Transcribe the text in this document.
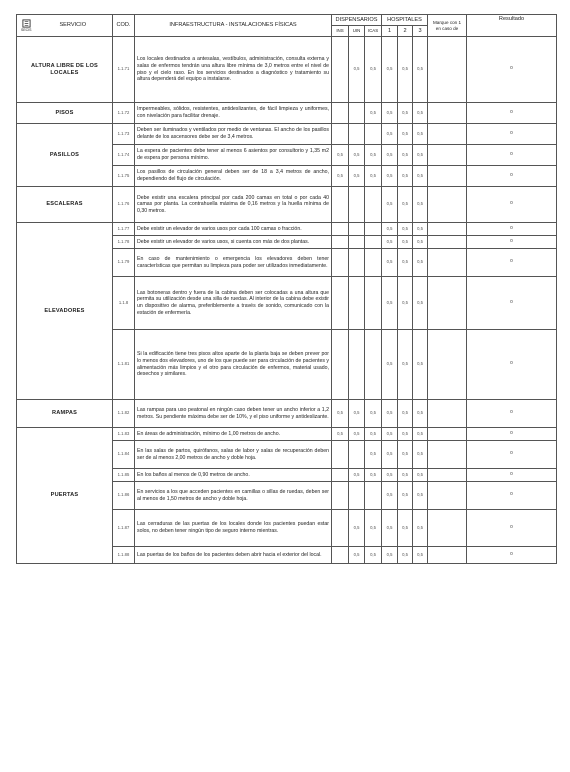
SECIS
SERVICIO	COD.	INFRAESTRUCTURA - INSTALACIONES FÍSICAS	DISPENSARIOS			HOSPITALES			Marque con 1 en caso de	Resultado
			INS	UIN	ICAS	1	2	3		
ALTURA LIBRE DE LOS LOCALES	1.1.71	Los locales destinados a antesalas, vestíbulos, administración, consulta externa y salas de enfermos tendrán una altura libre mínima de 3,0 metros entre el nivel de piso y el cielo raso. En los servicios destinados a diagnóstico y tratamiento su altura dependerá del equipo a instalarse.		0,5	0,5	0,5	0,5	0,5		0
PISOS	1.1.72	Impermeables, sólidos, resistentes, antideslizantes, de fácil limpieza y uniformes, con nivelación para facilitar drenaje.			0,5	0,5	0,5	0,5		0
PASILLOS	1.1.73	Deben ser iluminados y ventilados por medio de ventanas. El ancho de los pasillos delante de los ascensores debe ser de 3,4 metros.				0,5	0,5	0,5		0
	1.1.74	La espera de pacientes debe tener al menos 6 asientos por consultorio y 1,35 m2 de espera por persona mínimo.	0,5	0,5	0,5	0,5	0,5	0,5		0
	1.1.75	Los pasillos de circulación general deben ser de 18 a 3,4 metros de ancho, dependiendo del flujo de circulación.	0,5	0,5	0,5	0,5	0,5	0,5		0
ESCALERAS	1.1.76	Debe existir una escalera principal por cada 200 camas en total o por cada 40 camas por planta. La contrahuella máxima de 0,16 metros y la huella mínima de 0,30 metros.				0,5	0,5	0,5		0
ELEVADORES	1.1.77	Debe existir un elevador de varios usos por cada 100 camas o fracción.				0,5	0,5	0,5		0
	1.1.78	Debe existir un elevador de varios usos, si cuenta con más de dos plantas.				0,5	0,5	0,5		0
	1.1.79	En caso de mantenimiento o emergencia los elevadores deben tener características que permitan su limpieza para poder ser utilizados inmediatamente.				0,5	0,5	0,5		0
	1.1.8	Las botoneras dentro y fuera de la cabina deben ser colocadas a una altura que permita su utilización desde una silla de ruedas. Al interior de la cabina debe existir un dispositivo de alarma, preferiblemente a través de sonido, comunicado con la estación de enfermería.				0,5	0,5	0,5		0
	1.1.81	Si la edificación tiene tres pisos altos aparte de la planta baja se deben prever por lo menos dos elevadores, uno de los que puede ser para circulación de pacientes y alimentación más limpios y el otro para circulación de enfermos, material usado, desechos y similares.				0,5	0,5	0,5		0
RAMPAS	1.1.82	Las rampas para uso peatonal en ningún caso deben tener un ancho inferior a 1,2 metros. Su pendiente máxima debe ser de 10%, y el piso uniforme y antideslizante.	0,5	0,5	0,5	0,5	0,5	0,5		0
PUERTAS	1.1.83	En áreas de administración, mínimo de 1,00 metros de ancho.	0,5	0,5	0,5	0,5	0,5	0,5		0
	1.1.84	En las salas de partos, quirófanos, salas de labor y salas de recuperación deben ser de al menos 2,00 metros de ancho y doble hoja.			0,5	0,5	0,5	0,5		0
	1.1.85	En los baños al menos de 0,90 metros de ancho.		0,5	0,5	0,5	0,5	0,5		0
	1.1.86	En servicios a los que acceden pacientes en camillas o sillas de ruedas, deben ser al menos de 1,50 metros de ancho y doble hoja.				0,5	0,5	0,5		0
	1.1.87	Las cerraduras de las puertas de los locales donde los pacientes puedan estar solos, no deben tener ningún tipo de seguro interno mientras.		0,5	0,5	0,5	0,5	0,5		0
	1.1.88	Las puertas de los baños de los pacientes deben abrir hacia el exterior del local.		0,5	0,5	0,5	0,5	0,5		0
